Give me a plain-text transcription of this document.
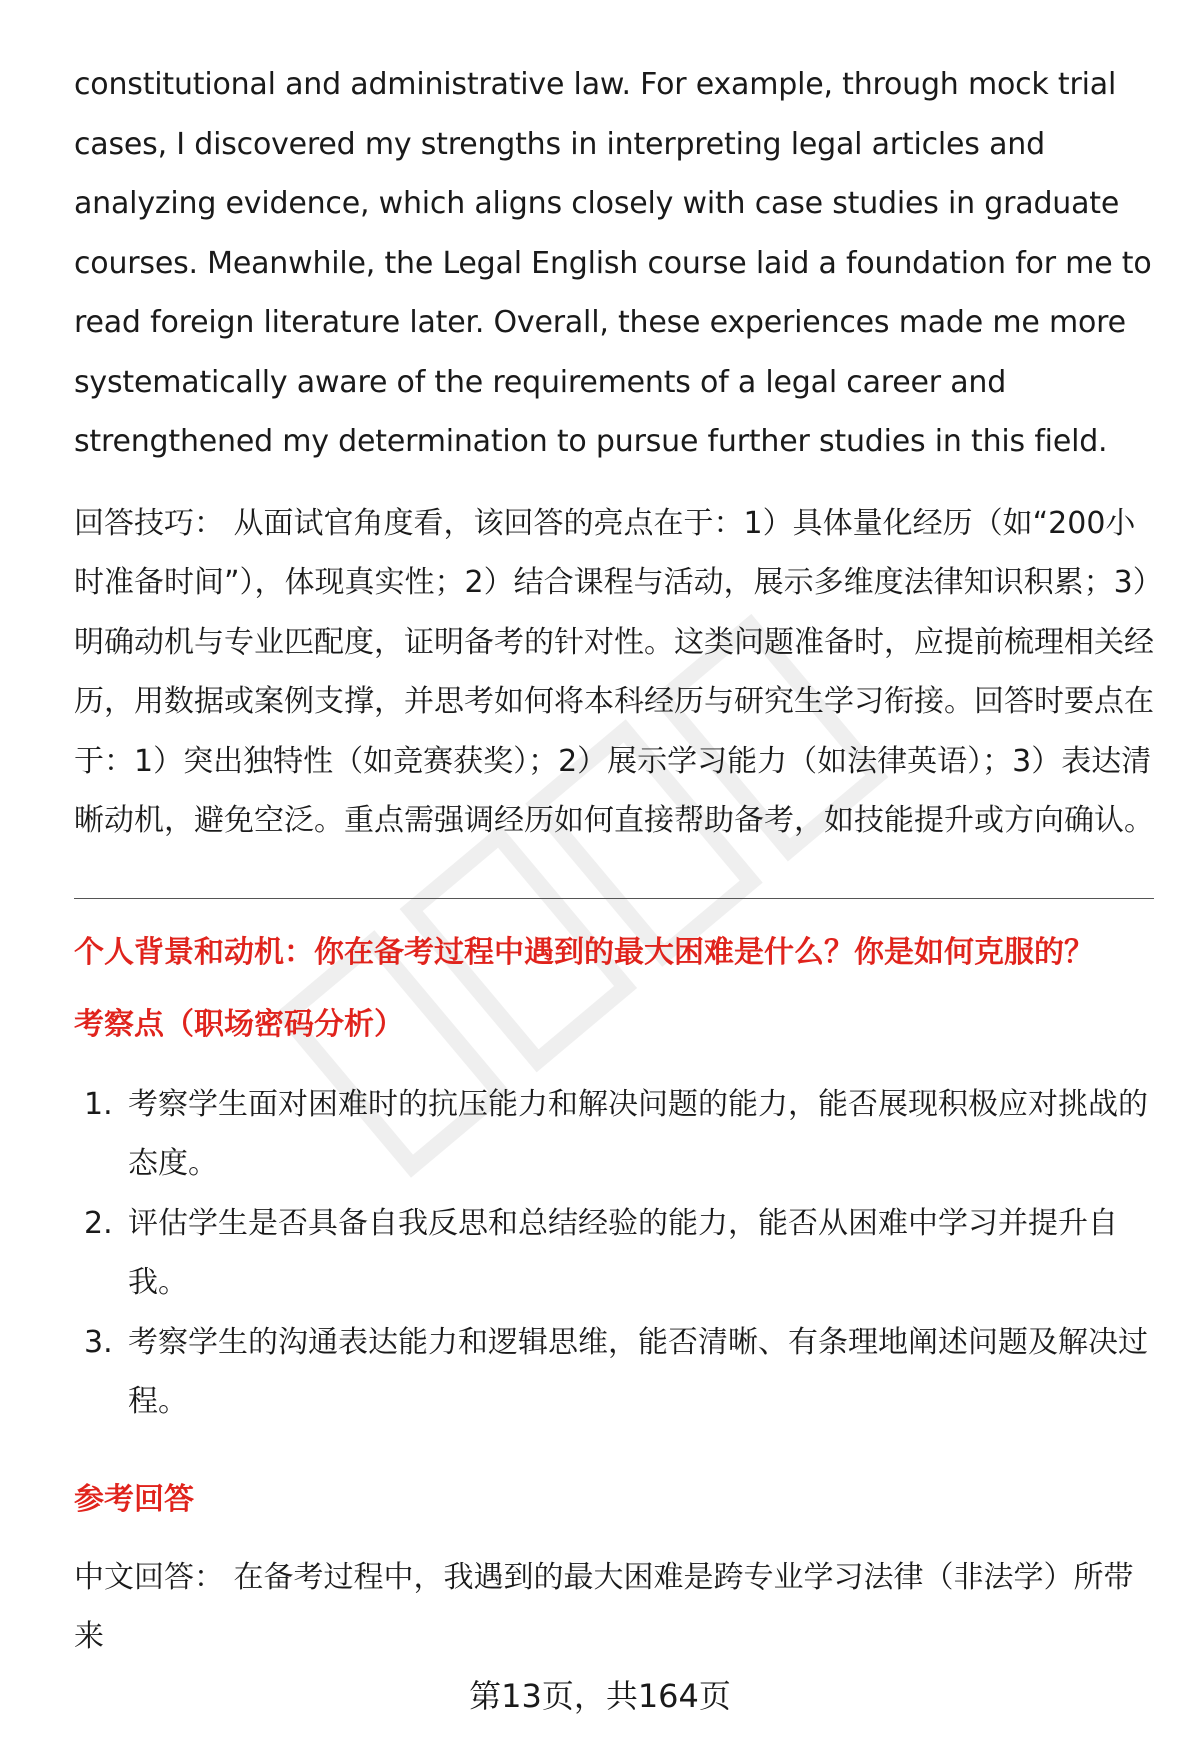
constitutional and administrative law. For example, through mock trial cases, I discovered my strengths in interpreting legal articles and analyzing evidence, which aligns closely with case studies in graduate courses. Meanwhile, the Legal English course laid a foundation for me to read foreign literature later. Overall, these experiences made me more systematically aware of the requirements of a legal career and strengthened my determination to pursue further studies in this field.

回答技巧： 从面试官角度看，该回答的亮点在于：1）具体量化经历（如“200小时准备时间”），体现真实性；2）结合课程与活动，展示多维度法律知识积累；3）明确动机与专业匹配度，证明备考的针对性。这类问题准备时，应提前梳理相关经历，用数据或案例支撑，并思考如何将本科经历与研究生学习衔接。回答时要点在于：1）突出独特性（如竞赛获奖）；2）展示学习能力（如法律英语）；3）表达清晰动机，避免空泛。重点需强调经历如何直接帮助备考，如技能提升或方向确认。

个人背景和动机：你在备考过程中遇到的最大困难是什么？你是如何克服的？

考察点（职场密码分析）

1. 考察学生面对困难时的抗压能力和解决问题的能力，能否展现积极应对挑战的态度。
2. 评估学生是否具备自我反思和总结经验的能力，能否从困难中学习并提升自我。
3. 考察学生的沟通表达能力和逻辑思维，能否清晰、有条理地阐述问题及解决过程。

参考回答

中文回答： 在备考过程中，我遇到的最大困难是跨专业学习法律（非法学）所带来

第13页，共164页
